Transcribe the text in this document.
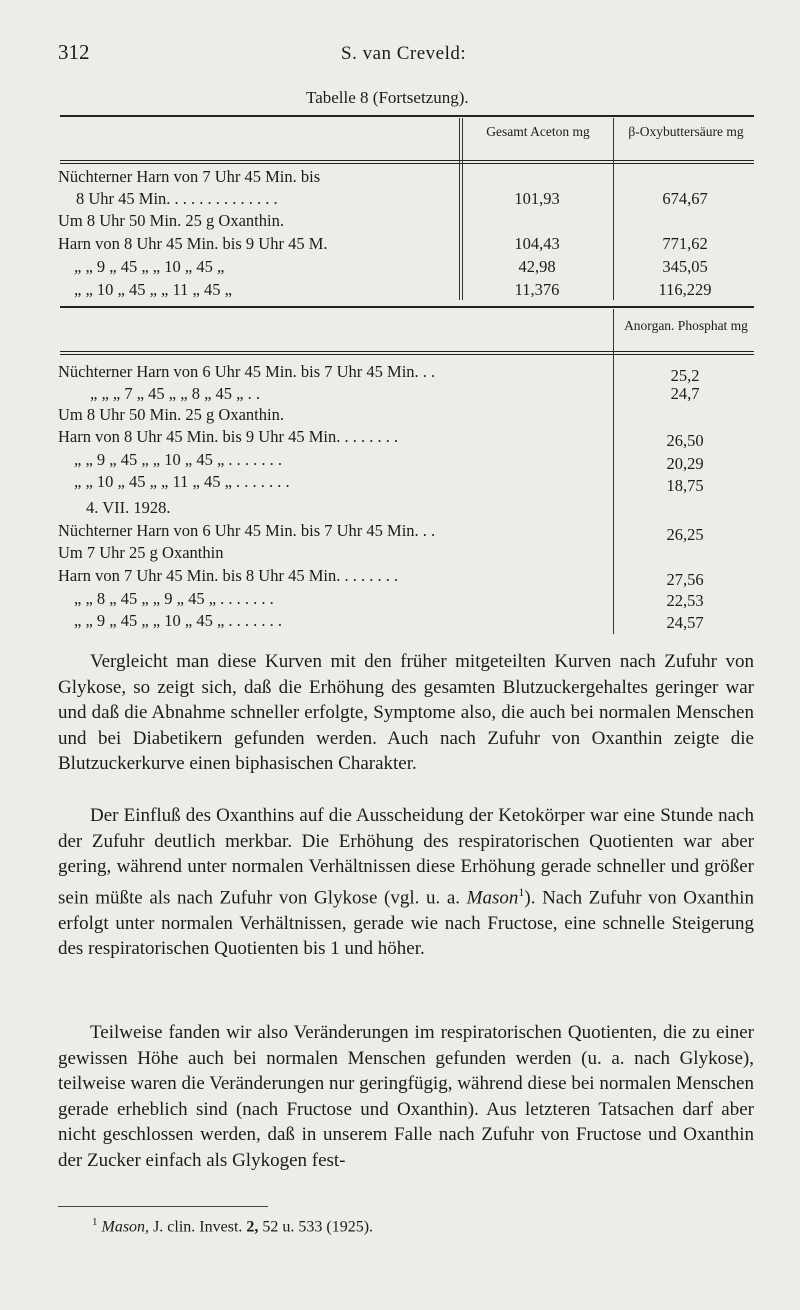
312	S. van Creveld:
Tabelle 8 (Fortsetzung).
Gesamt Aceton mg	β-Oxybuttersäure mg
Nüchterner Harn von 7 Uhr 45 Min. bis
8 Uhr 45 Min. . . . . . . . . . . . . .	101,93	674,67
Um 8 Uhr 50 Min. 25 g Oxanthin.
Harn von 8 Uhr 45 Min. bis 9 Uhr 45 M.	104,43	771,62
„ „ 9 „ 45 „ „ 10 „ 45 „	42,98	345,05
„ „ 10 „ 45 „ „ 11 „ 45 „	11,376	116,229
Anorgan. Phosphat mg
Nüchterner Harn von 6 Uhr 45 Min. bis 7 Uhr 45 Min. . .	25,2
„ „ „ 7 „ 45 „ „ 8 „ 45 „ . .	24,7
Um 8 Uhr 50 Min. 25 g Oxanthin.
Harn von 8 Uhr 45 Min. bis 9 Uhr 45 Min. . . . . . . .	26,50
„ „ 9 „ 45 „ „ 10 „ 45 „ . . . . . . .	20,29
„ „ 10 „ 45 „ „ 11 „ 45 „ . . . . . . .	18,75
4. VII. 1928.
Nüchterner Harn von 6 Uhr 45 Min. bis 7 Uhr 45 Min. . .	26,25
Um 7 Uhr 25 g Oxanthin
Harn von 7 Uhr 45 Min. bis 8 Uhr 45 Min. . . . . . . .	27,56
„ „ 8 „ 45 „ „ 9 „ 45 „ . . . . . . .	22,53
„ „ 9 „ 45 „ „ 10 „ 45 „ . . . . . . .	24,57

Vergleicht man diese Kurven mit den früher mitgeteilten Kurven nach Zufuhr von Glykose, so zeigt sich, daß die Erhöhung des gesamten Blutzuckergehaltes geringer war und daß die Abnahme schneller erfolgte, Symptome also, die auch bei normalen Menschen und bei Diabetikern gefunden werden. Auch nach Zufuhr von Oxanthin zeigte die Blutzuckerkurve einen biphasischen Charakter.

Der Einfluß des Oxanthins auf die Ausscheidung der Ketokörper war eine Stunde nach der Zufuhr deutlich merkbar. Die Erhöhung des respiratorischen Quotienten war aber gering, während unter normalen Verhältnissen diese Erhöhung gerade schneller und größer sein müßte als nach Zufuhr von Glykose (vgl. u. a. Mason$^1$). Nach Zufuhr von Oxanthin erfolgt unter normalen Verhältnissen, gerade wie nach Fructose, eine schnelle Steigerung des respiratorischen Quotienten bis 1 und höher.

Teilweise fanden wir also Veränderungen im respiratorischen Quotienten, die zu einer gewissen Höhe auch bei normalen Menschen gefunden werden (u. a. nach Glykose), teilweise waren die Veränderungen nur geringfügig, während diese bei normalen Menschen gerade erheblich sind (nach Fructose und Oxanthin). Aus letzteren Tatsachen darf aber nicht geschlossen werden, daß in unserem Falle nach Zufuhr von Fructose und Oxanthin der Zucker einfach als Glykogen fest-

$^1$ Mason, J. clin. Invest. 2, 52 u. 533 (1925).
